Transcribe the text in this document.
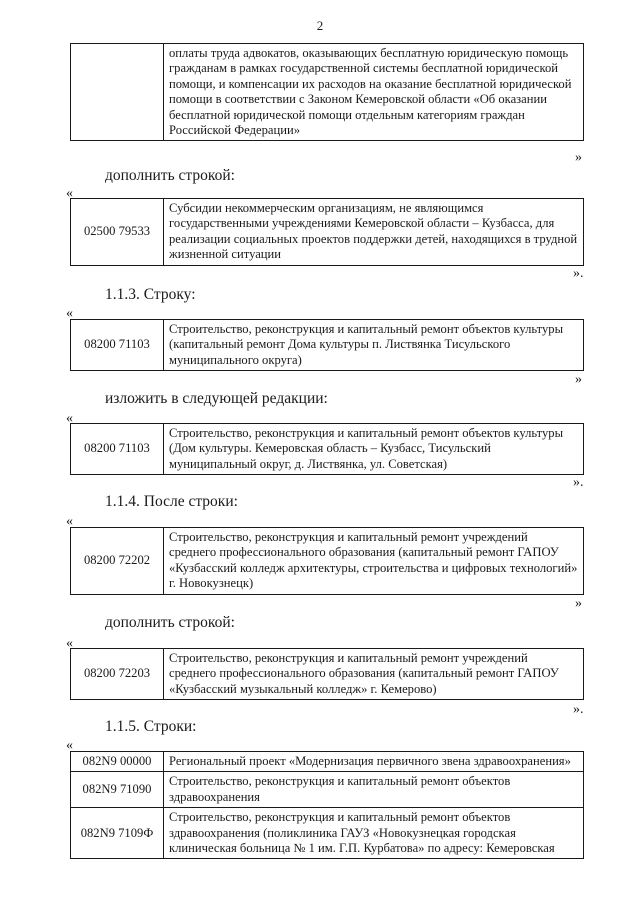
2
	оплаты труда адвокатов, оказывающих бесплатную юридическую помощь гражданам в рамках государственной системы бесплатной юридической помощи, и компенсации их расходов на оказание бесплатной юридической помощи в соответствии с Законом Кемеровской области «Об оказании бесплатной юридической помощи отдельным категориям граждан Российской Федерации»
»
дополнить строкой:
«
02500 79533	Субсидии некоммерческим организациям, не являющимся государственными учреждениями Кемеровской области – Кузбасса, для реализации социальных проектов поддержки детей, находящихся в трудной жизненной ситуации
».
1.1.3. Строку:
«
08200 71103	Строительство, реконструкция и капитальный ремонт объектов культуры (капитальный ремонт Дома культуры п. Листвянка Тисульского муниципального округа)
»
изложить в следующей редакции:
«
08200 71103	Строительство, реконструкция и капитальный ремонт объектов культуры (Дом культуры. Кемеровская область – Кузбасс, Тисульский муниципальный округ, д. Листвянка, ул. Советская)
».
1.1.4. После строки:
«
08200 72202	Строительство, реконструкция и капитальный ремонт учреждений среднего профессионального образования (капитальный ремонт ГАПОУ «Кузбасский колледж архитектуры, строительства и цифровых технологий» г. Новокузнецк)
»
дополнить строкой:
«
08200 72203	Строительство, реконструкция и капитальный ремонт учреждений среднего профессионального образования (капитальный ремонт ГАПОУ «Кузбасский музыкальный колледж» г. Кемерово)
».
1.1.5. Строки:
«
082N9 00000	Региональный проект «Модернизация первичного звена здравоохранения»
082N9 71090	Строительство, реконструкция и капитальный ремонт объектов здравоохранения
082N9 7109Ф	Строительство, реконструкция и капитальный ремонт объектов здравоохранения (поликлиника ГАУЗ «Новокузнецкая городская клиническая больница № 1 им. Г.П. Курбатова» по адресу: Кемеровская
